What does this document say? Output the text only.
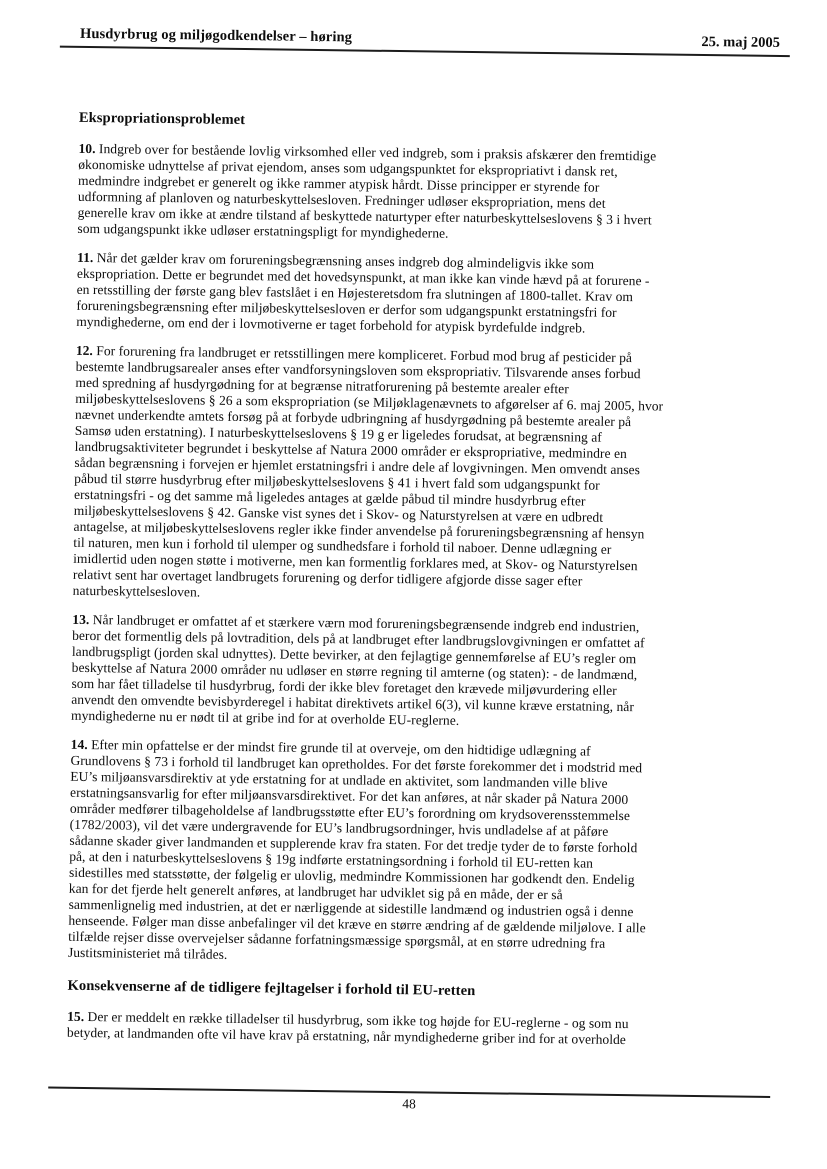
Husdyrbrug og miljøgodkendelser – høring	25. maj 2005
Ekspropriationsproblemet

10. Indgreb over for bestående lovlig virksomhed eller ved indgreb, som i praksis afskærer den fremtidige
økonomiske udnyttelse af privat ejendom, anses som udgangspunktet for ekspropriativt i dansk ret,
medmindre indgrebet er generelt og ikke rammer atypisk hårdt. Disse principper er styrende for
udformning af planloven og naturbeskyttelsesloven. Fredninger udløser ekspropriation, mens det
generelle krav om ikke at ændre tilstand af beskyttede naturtyper efter naturbeskyttelseslovens § 3 i hvert
som udgangspunkt ikke udløser erstatningspligt for myndighederne.

11. Når det gælder krav om forureningsbegrænsning anses indgreb dog almindeligvis ikke som
ekspropriation. Dette er begrundet med det hovedsynspunkt, at man ikke kan vinde hævd på at forurene -
en retsstilling der første gang blev fastslået i en Højesteretsdom fra slutningen af 1800-tallet. Krav om
forureningsbegrænsning efter miljøbeskyttelsesloven er derfor som udgangspunkt erstatningsfri for
myndighederne, om end der i lovmotiverne er taget forbehold for atypisk byrdefulde indgreb.

12. For forurening fra landbruget er retsstillingen mere kompliceret. Forbud mod brug af pesticider på
bestemte landbrugsarealer anses efter vandforsyningsloven som ekspropriativ. Tilsvarende anses forbud
med spredning af husdyrgødning for at begrænse nitratforurening på bestemte arealer efter
miljøbeskyttelseslovens § 26 a som ekspropriation (se Miljøklagenævnets to afgørelser af 6. maj 2005, hvor
nævnet underkendte amtets forsøg på at forbyde udbringning af husdyrgødning på bestemte arealer på
Samsø uden erstatning). I naturbeskyttelseslovens § 19 g er ligeledes forudsat, at begrænsning af
landbrugsaktiviteter begrundet i beskyttelse af Natura 2000 områder er ekspropriative, medmindre en
sådan begrænsning i forvejen er hjemlet erstatningsfri i andre dele af lovgivningen. Men omvendt anses
påbud til større husdyrbrug efter miljøbeskyttelseslovens § 41 i hvert fald som udgangspunkt for
erstatningsfri - og det samme må ligeledes antages at gælde påbud til mindre husdyrbrug efter
miljøbeskyttelseslovens § 42. Ganske vist synes det i Skov- og Naturstyrelsen at være en udbredt
antagelse, at miljøbeskyttelseslovens regler ikke finder anvendelse på forureningsbegrænsning af hensyn
til naturen, men kun i forhold til ulemper og sundhedsfare i forhold til naboer. Denne udlægning er
imidlertid uden nogen støtte i motiverne, men kan formentlig forklares med, at Skov- og Naturstyrelsen
relativt sent har overtaget landbrugets forurening og derfor tidligere afgjorde disse sager efter
naturbeskyttelsesloven.

13. Når landbruget er omfattet af et stærkere værn mod forureningsbegrænsende indgreb end industrien,
beror det formentlig dels på lovtradition, dels på at landbruget efter landbrugslovgivningen er omfattet af
landbrugspligt (jorden skal udnyttes). Dette bevirker, at den fejlagtige gennemførelse af EU’s regler om
beskyttelse af Natura 2000 områder nu udløser en større regning til amterne (og staten): - de landmænd,
som har fået tilladelse til husdyrbrug, fordi der ikke blev foretaget den krævede miljøvurdering eller
anvendt den omvendte bevisbyrderegel i habitat direktivets artikel 6(3), vil kunne kræve erstatning, når
myndighederne nu er nødt til at gribe ind for at overholde EU-reglerne.

14. Efter min opfattelse er der mindst fire grunde til at overveje, om den hidtidige udlægning af
Grundlovens § 73 i forhold til landbruget kan opretholdes. For det første forekommer det i modstrid med
EU’s miljøansvarsdirektiv at yde erstatning for at undlade en aktivitet, som landmanden ville blive
erstatningsansvarlig for efter miljøansvarsdirektivet. For det kan anføres, at når skader på Natura 2000
områder medfører tilbageholdelse af landbrugsstøtte efter EU’s forordning om krydsoverensstemmelse
(1782/2003), vil det være undergravende for EU’s landbrugsordninger, hvis undladelse af at påføre
sådanne skader giver landmanden et supplerende krav fra staten. For det tredje tyder de to første forhold
på, at den i naturbeskyttelseslovens § 19g indførte erstatningsordning i forhold til EU-retten kan
sidestilles med statsstøtte, der følgelig er ulovlig, medmindre Kommissionen har godkendt den. Endelig
kan for det fjerde helt generelt anføres, at landbruget har udviklet sig på en måde, der er så
sammenlignelig med industrien, at det er nærliggende at sidestille landmænd og industrien også i denne
henseende. Følger man disse anbefalinger vil det kræve en større ændring af de gældende miljølove. I alle
tilfælde rejser disse overvejelser sådanne forfatningsmæssige spørgsmål, at en større udredning fra
Justitsministeriet må tilrådes.

Konsekvenserne af de tidligere fejltagelser i forhold til EU-retten

15. Der er meddelt en række tilladelser til husdyrbrug, som ikke tog højde for EU-reglerne - og som nu
betyder, at landmanden ofte vil have krav på erstatning, når myndighederne griber ind for at overholde

48
